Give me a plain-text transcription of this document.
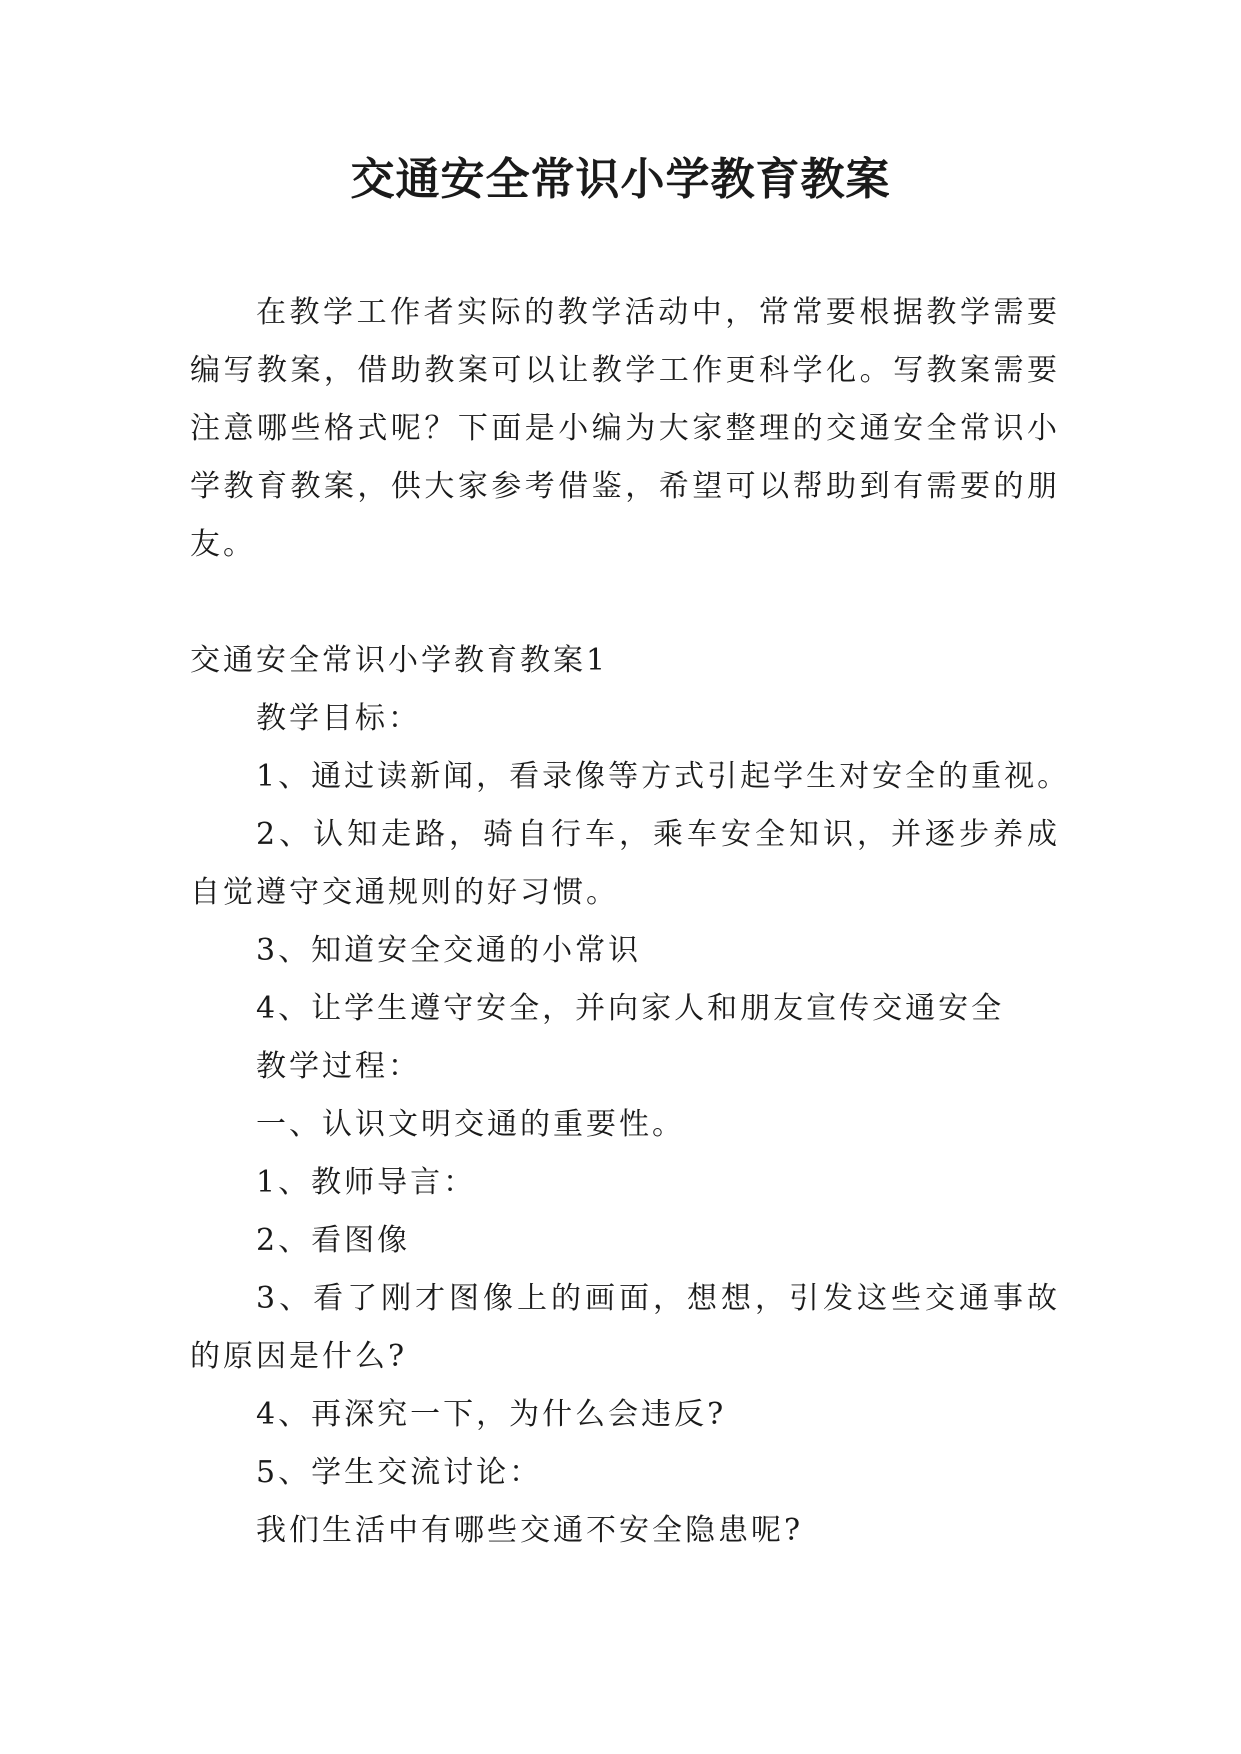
交通安全常识小学教育教案

在教学工作者实际的教学活动中，常常要根据教学需要编写教案，借助教案可以让教学工作更科学化。写教案需要注意哪些格式呢？下面是小编为大家整理的交通安全常识小学教育教案，供大家参考借鉴，希望可以帮助到有需要的朋友。

交通安全常识小学教育教案1

教学目标：

1、通过读新闻，看录像等方式引起学生对安全的重视。

2、认知走路，骑自行车，乘车安全知识，并逐步养成自觉遵守交通规则的好习惯。

3、知道安全交通的小常识

4、让学生遵守安全，并向家人和朋友宣传交通安全

教学过程：

一、认识文明交通的重要性。

1、教师导言：

2、看图像

3、看了刚才图像上的画面，想想，引发这些交通事故的原因是什么?

4、再深究一下，为什么会违反?

5、学生交流讨论：

我们生活中有哪些交通不安全隐患呢?
